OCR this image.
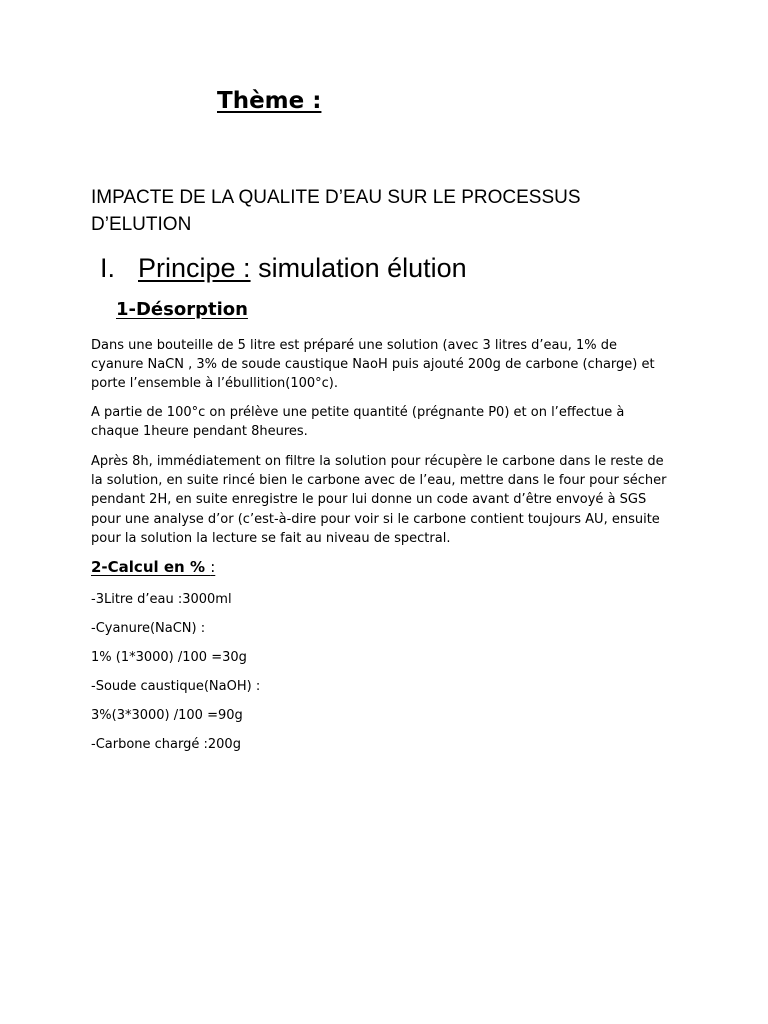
Thème :
IMPACTE DE LA QUALITE D’EAU SUR LE PROCESSUS D’ELUTION
I. Principe : simulation élution
1-Désorption
Dans une bouteille de 5 litre est préparé une solution (avec 3 litres d’eau, 1% de cyanure NaCN , 3% de soude caustique NaoH puis ajouté 200g de carbone (charge) et porte l’ensemble à l’ébullition(100°c).
A partie de 100°c on prélève une petite quantité (prégnante P0) et on l’effectue à chaque 1heure pendant 8heures.
Après 8h, immédiatement on filtre la solution pour récupère le carbone dans le reste de la solution, en suite rincé bien le carbone avec de l’eau, mettre dans le four pour sécher pendant 2H, en suite enregistre le pour lui donne un code avant d’être envoyé à SGS pour une analyse d’or (c’est-à-dire pour voir si le carbone contient toujours AU, ensuite pour la solution la lecture se fait au niveau de spectral.
2-Calcul en % :
-3Litre d’eau :3000ml
-Cyanure(NaCN) :
1% (1*3000) /100 =30g
-Soude caustique(NaOH) :
3%(3*3000) /100 =90g
-Carbone chargé :200g
